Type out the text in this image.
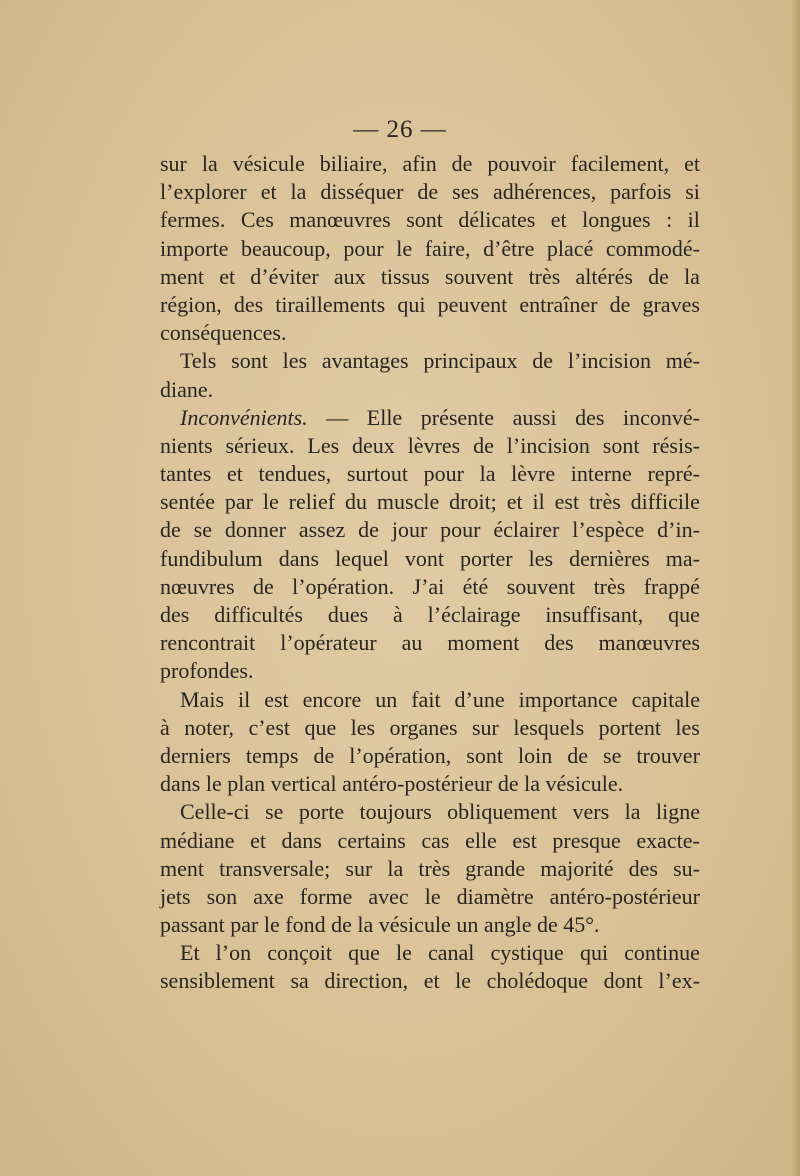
— 26 —
sur la vésicule biliaire, afin de pouvoir facilement, et
l’explorer et la disséquer de ses adhérences, parfois si
fermes. Ces manœuvres sont délicates et longues : il
importe beaucoup, pour le faire, d’être placé commodé-
ment et d’éviter aux tissus souvent très altérés de la
région, des tiraillements qui peuvent entraîner de graves
conséquences.
Tels sont les avantages principaux de l’incision mé-
diane.
Inconvénients. — Elle présente aussi des inconvé-
nients sérieux. Les deux lèvres de l’incision sont résis-
tantes et tendues, surtout pour la lèvre interne repré-
sentée par le relief du muscle droit; et il est très difficile
de se donner assez de jour pour éclairer l’espèce d’in-
fundibulum dans lequel vont porter les dernières ma-
nœuvres de l’opération. J’ai été souvent très frappé
des difficultés dues à l’éclairage insuffisant, que
rencontrait l’opérateur au moment des manœuvres
profondes.
Mais il est encore un fait d’une importance capitale
à noter, c’est que les organes sur lesquels portent les
derniers temps de l’opération, sont loin de se trouver
dans
le
plan
vertical
antéro-postérieur
de
la
vésicule.
Celle-ci se porte toujours obliquement vers la ligne
médiane et dans certains cas elle est presque exacte-
ment transversale; sur la très grande majorité des su-
jets son axe forme avec le diamètre antéro-postérieur
passant
par
le
fond
de
la
vésicule
un
angle
de
45°.
Et l’on conçoit que le canal cystique qui continue
sensiblement sa direction, et le cholédoque dont l’ex-
